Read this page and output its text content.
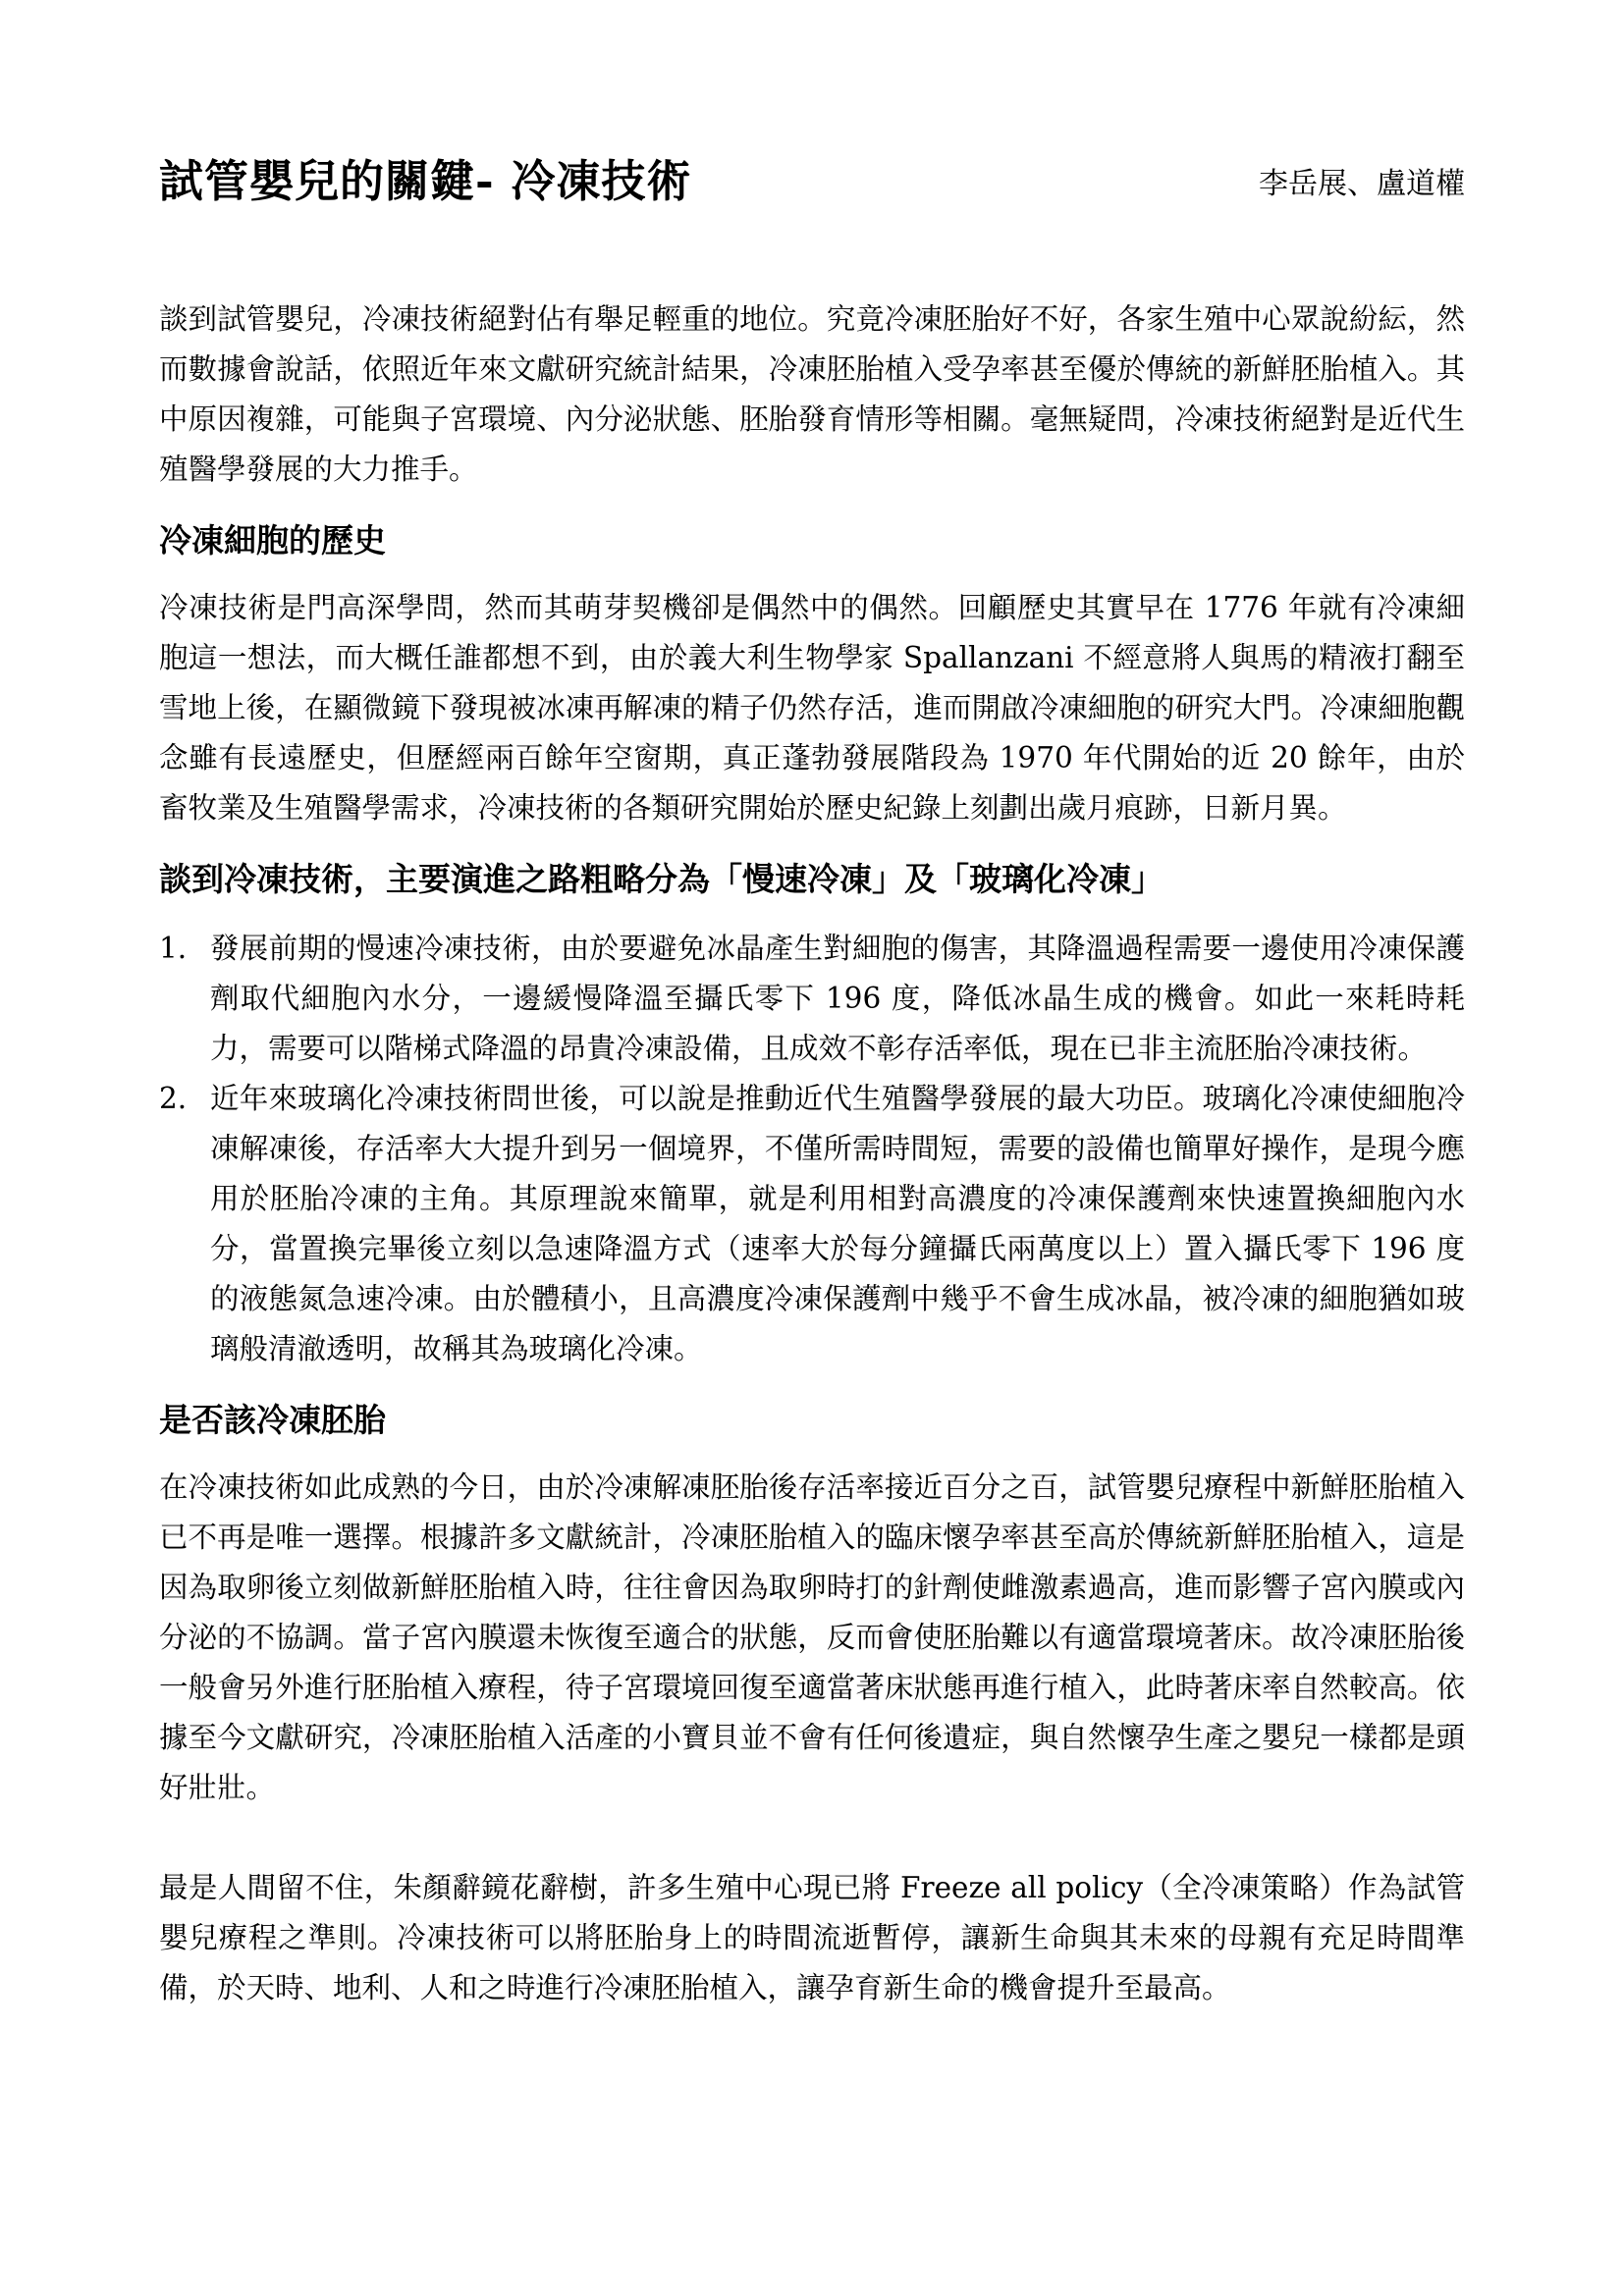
試管嬰兒的關鍵- 冷凍技術	李岳展、盧道權

談到試管嬰兒，冷凍技術絕對佔有舉足輕重的地位。究竟冷凍胚胎好不好，各家生殖中心眾說紛紜，然而數據會說話，依照近年來文獻研究統計結果，冷凍胚胎植入受孕率甚至優於傳統的新鮮胚胎植入。其中原因複雜，可能與子宮環境、內分泌狀態、胚胎發育情形等相關。毫無疑問，冷凍技術絕對是近代生殖醫學發展的大力推手。

冷凍細胞的歷史

冷凍技術是門高深學問，然而其萌芽契機卻是偶然中的偶然。回顧歷史其實早在 1776 年就有冷凍細胞這一想法，而大概任誰都想不到，由於義大利生物學家 Spallanzani 不經意將人與馬的精液打翻至雪地上後，在顯微鏡下發現被冰凍再解凍的精子仍然存活，進而開啟冷凍細胞的研究大門。冷凍細胞觀念雖有長遠歷史，但歷經兩百餘年空窗期，真正蓬勃發展階段為 1970 年代開始的近 20 餘年，由於畜牧業及生殖醫學需求，冷凍技術的各類研究開始於歷史紀錄上刻劃出歲月痕跡，日新月異。

談到冷凍技術，主要演進之路粗略分為「慢速冷凍」及「玻璃化冷凍」
1. 發展前期的慢速冷凍技術，由於要避免冰晶產生對細胞的傷害，其降溫過程需要一邊使用冷凍保護劑取代細胞內水分，一邊緩慢降溫至攝氏零下 196 度，降低冰晶生成的機會。如此一來耗時耗力，需要可以階梯式降溫的昂貴冷凍設備，且成效不彰存活率低，現在已非主流胚胎冷凍技術。
2. 近年來玻璃化冷凍技術問世後，可以說是推動近代生殖醫學發展的最大功臣。玻璃化冷凍使細胞冷凍解凍後，存活率大大提升到另一個境界，不僅所需時間短，需要的設備也簡單好操作，是現今應用於胚胎冷凍的主角。其原理說來簡單，就是利用相對高濃度的冷凍保護劑來快速置換細胞內水分，當置換完畢後立刻以急速降溫方式（速率大於每分鐘攝氏兩萬度以上）置入攝氏零下 196 度的液態氮急速冷凍。由於體積小，且高濃度冷凍保護劑中幾乎不會生成冰晶，被冷凍的細胞猶如玻璃般清澈透明，故稱其為玻璃化冷凍。
是否該冷凍胚胎

在冷凍技術如此成熟的今日，由於冷凍解凍胚胎後存活率接近百分之百，試管嬰兒療程中新鮮胚胎植入已不再是唯一選擇。根據許多文獻統計，冷凍胚胎植入的臨床懷孕率甚至高於傳統新鮮胚胎植入，這是因為取卵後立刻做新鮮胚胎植入時，往往會因為取卵時打的針劑使雌激素過高，進而影響子宮內膜或內分泌的不協調。當子宮內膜還未恢復至適合的狀態，反而會使胚胎難以有適當環境著床。故冷凍胚胎後一般會另外進行胚胎植入療程，待子宮環境回復至適當著床狀態再進行植入，此時著床率自然較高。依據至今文獻研究，冷凍胚胎植入活產的小寶貝並不會有任何後遺症，與自然懷孕生產之嬰兒一樣都是頭好壯壯。

最是人間留不住，朱顏辭鏡花辭樹，許多生殖中心現已將 Freeze all policy（全冷凍策略）作為試管嬰兒療程之準則。冷凍技術可以將胚胎身上的時間流逝暫停，讓新生命與其未來的母親有充足時間準備，於天時、地利、人和之時進行冷凍胚胎植入，讓孕育新生命的機會提升至最高。
